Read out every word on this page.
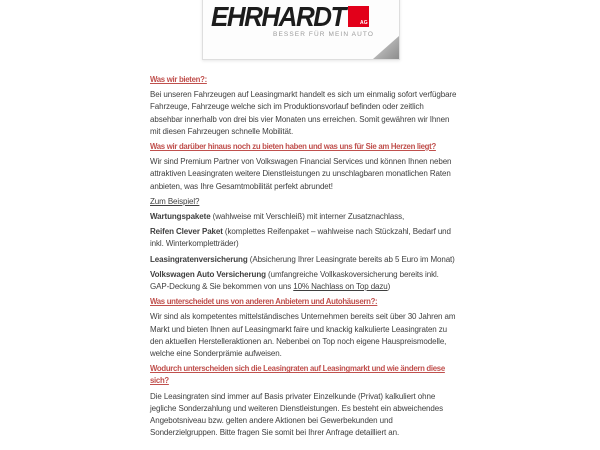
EHRHARDT	AG
BESSER FÜR MEIN AUTO
Was wir bieten?:
Bei unseren Fahrzeugen auf Leasingmarkt handelt es sich um einmalig sofort verfügbare Fahrzeuge, Fahrzeuge welche sich im Produktionsvorlauf befinden oder zeitlich absehbar innerhalb von drei bis vier Monaten uns erreichen. Somit gewähren wir Ihnen mit diesen Fahrzeugen schnelle Mobilität.
Was wir darüber hinaus noch zu bieten haben und was uns für Sie am Herzen liegt?
Wir sind Premium Partner von Volkswagen Financial Services und können Ihnen neben attraktiven Leasingraten weitere Dienstleistungen zu unschlagbaren monatlichen Raten anbieten, was Ihre Gesamtmobilität perfekt abrundet!
Zum Beispiel?
Wartungspakete (wahlweise mit Verschleiß) mit interner Zusatznachlass,
Reifen Clever Paket (komplettes Reifenpaket – wahlweise nach Stückzahl, Bedarf und inkl. Winterkompletträder)
Leasingratenversicherung (Absicherung Ihrer Leasingrate bereits ab 5 Euro im Monat)
Volkswagen Auto Versicherung (umfangreiche Vollkaskoversicherung bereits inkl. GAP-Deckung & Sie bekommen von uns 10% Nachlass on Top dazu)
Was unterscheidet uns von anderen Anbietern und Autohäusern?:
Wir sind als kompetentes mittelständisches Unternehmen bereits seit über 30 Jahren am Markt und bieten Ihnen auf Leasingmarkt faire und knackig kalkulierte Leasingraten zu den aktuellen Herstelleraktionen an. Nebenbei on Top noch eigene Hauspreismodelle, welche eine Sonderprämie aufweisen.
Wodurch unterscheiden sich die Leasingraten auf Leasingmarkt und wie ändern diese sich?
Die Leasingraten sind immer auf Basis privater Einzelkunde (Privat) kalkuliert ohne jegliche Sonderzahlung und weiteren Dienstleistungen. Es besteht ein abweichendes Angebotsniveau bzw. gelten andere Aktionen bei Gewerbekunden und Sonderzielgruppen. Bitte fragen Sie somit bei Ihrer Anfrage detailliert an.
